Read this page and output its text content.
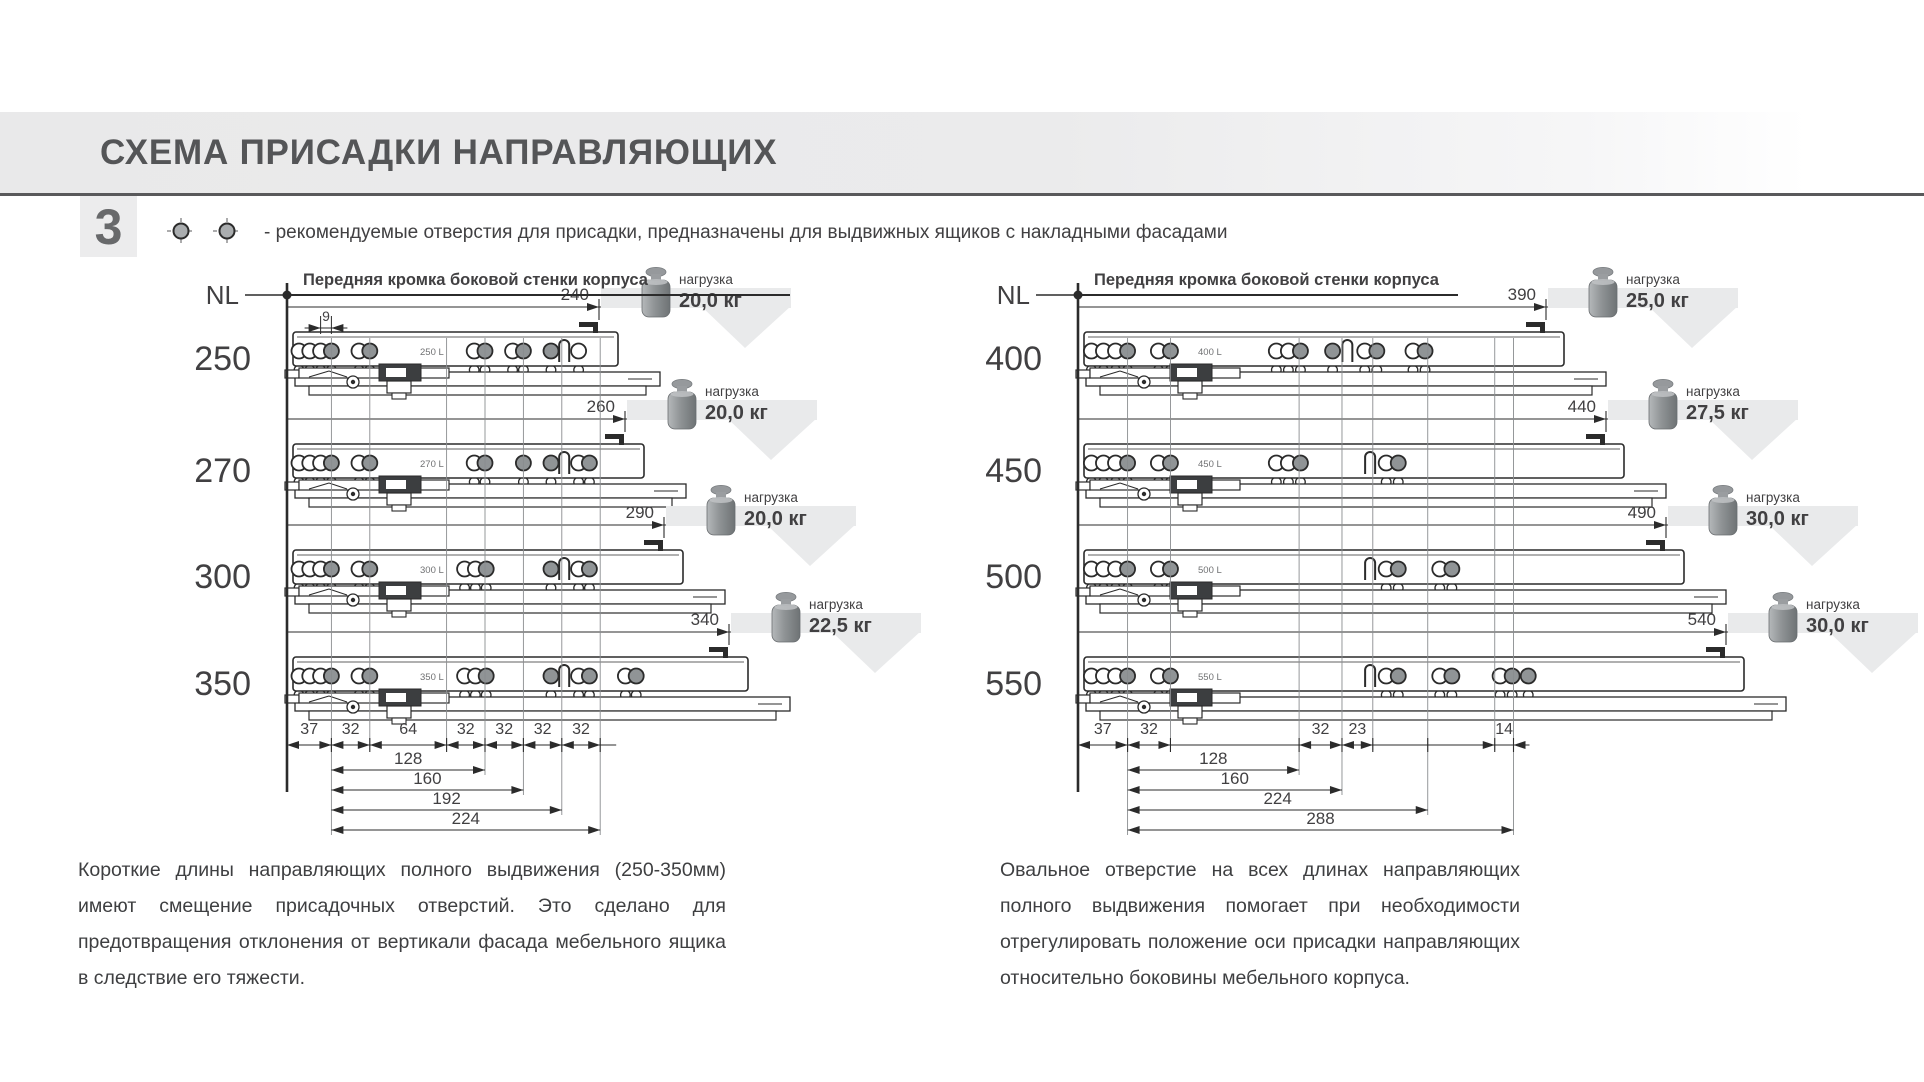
СХЕМА ПРИСАДКИ НАПРАВЛЯЮЩИХ
3	- рекомендуемые отверстия для присадки, предназначены для выдвижных ящиков с накладными фасадами
250	250 L
240
нагрузка
20,0 кг
9
270	270 L
260
нагрузка
20,0 кг
300	300 L
290
нагрузка
20,0 кг
350	350 L
340
нагрузка
22,5 кг
NL	Передняя кромка боковой стенки корпуса
37 32 64 32 32 32 32
128
160
192
224
400	400 L
390
нагрузка
25,0 кг
450	450 L
440
нагрузка
27,5 кг
500	500 L
490
нагрузка
30,0 кг
550	550 L
540
нагрузка
30,0 кг
NL	Передняя кромка боковой стенки корпуса
37 32	32 23	14
128
160
224
288

Короткие длины направляющих полного выдвижения (250-350мм) имеют смещение присадочных отверстий. Это сделано для предотвращения отклонения от вертикали фасада мебельного ящика в следствие его тяжести.

Овальное отверстие на всех длинах направляющих полного выдвижения помогает при необходимости отрегулировать положение оси присадки направляющих относительно боковины мебельного корпуса.
